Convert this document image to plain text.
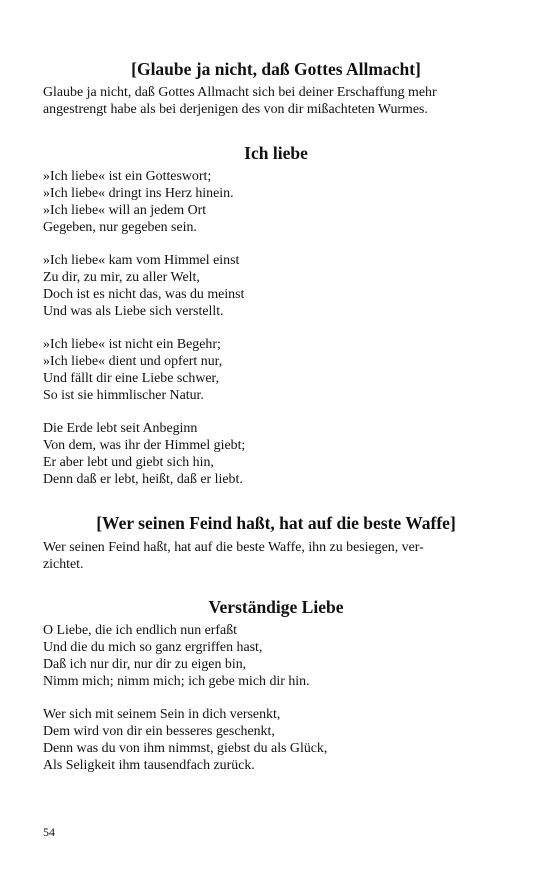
[Glaube ja nicht, daß Gottes Allmacht]

Glaube ja nicht, daß Gottes Allmacht sich bei deiner Erschaffung mehr

angestrengt habe als bei derjenigen des von dir mißachteten Wurmes.

Ich liebe
»Ich liebe« ist ein Gotteswort;
»Ich liebe« dringt ins Herz hinein.
»Ich liebe« will an jedem Ort
Gegeben, nur gegeben sein.
»Ich liebe« kam vom Himmel einst
Zu dir, zu mir, zu aller Welt,
Doch ist es nicht das, was du meinst
Und was als Liebe sich verstellt.
»Ich liebe« ist nicht ein Begehr;
»Ich liebe« dient und opfert nur,
Und fällt dir eine Liebe schwer,
So ist sie himmlischer Natur.
Die Erde lebt seit Anbeginn
Von dem, was ihr der Himmel giebt;
Er aber lebt und giebt sich hin,
Denn daß er lebt, heißt, daß er liebt.
[Wer seinen Feind haßt, hat auf die beste Waffe]

Wer seinen Feind haßt, hat auf die beste Waffe, ihn zu besiegen, ver-

zichtet.

Verständige Liebe
O Liebe, die ich endlich nun erfaßt
Und die du mich so ganz ergriffen hast,
Daß ich nur dir, nur dir zu eigen bin,
Nimm mich; nimm mich; ich gebe mich dir hin.
Wer sich mit seinem Sein in dich versenkt,
Dem wird von dir ein besseres geschenkt,
Denn was du von ihm nimmst, giebst du als Glück,
Als Seligkeit ihm tausendfach zurück.
54
